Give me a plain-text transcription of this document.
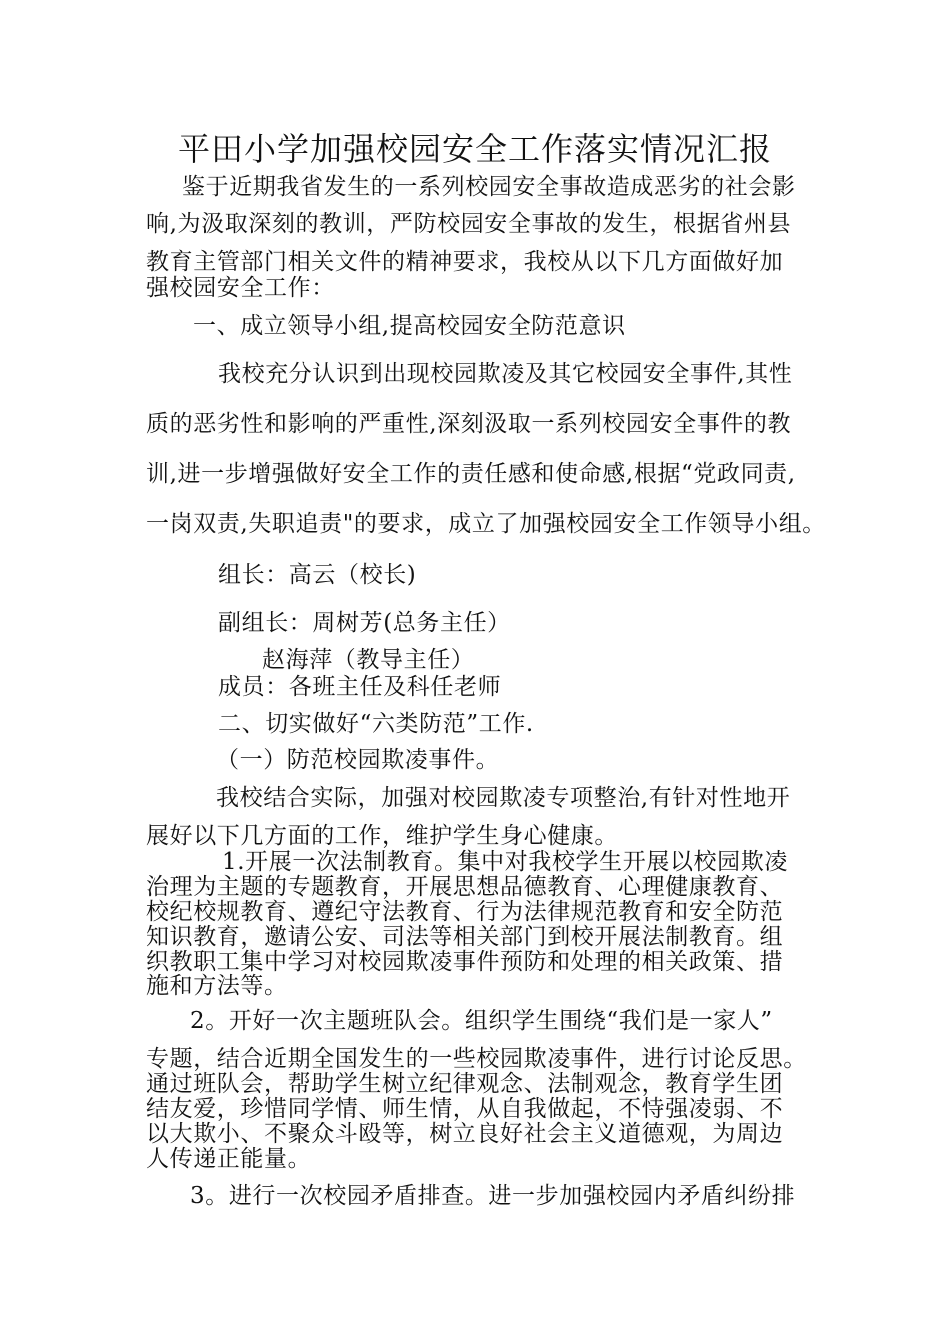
平田小学加强校园安全工作落实情况汇报
鉴于近期我省发生的一系列校园安全事故造成恶劣的社会影
响,为汲取深刻的教训，严防校园安全事故的发生，根据省州县
教育主管部门相关文件的精神要求，我校从以下几方面做好加
强校园安全工作：
一、成立领导小组,提高校园安全防范意识
我校充分认识到出现校园欺凌及其它校园安全事件,其性
质的恶劣性和影响的严重性,深刻汲取一系列校园安全事件的教
训,进一步增强做好安全工作的责任感和使命感,根据“党政同责,
一岗双责,失职追责"的要求，成立了加强校园安全工作领导小组。
组长：高云（校长)
副组长：周树芳(总务主任）
赵海萍（教导主任）
成员：各班主任及科任老师
二、切实做好“六类防范”工作.
（一）防范校园欺凌事件。
我校结合实际，加强对校园欺凌专项整治,有针对性地开
展好以下几方面的工作，维护学生身心健康。
1.开展一次法制教育。集中对我校学生开展以校园欺凌
治理为主题的专题教育，开展思想品德教育、心理健康教育、
校纪校规教育、遵纪守法教育、行为法律规范教育和安全防范
知识教育，邀请公安、司法等相关部门到校开展法制教育。组
织教职工集中学习对校园欺凌事件预防和处理的相关政策、措
施和方法等。
2。开好一次主题班队会。组织学生围绕“我们是一家人”
专题，结合近期全国发生的一些校园欺凌事件，进行讨论反思。
通过班队会，帮助学生树立纪律观念、法制观念，教育学生团
结友爱，珍惜同学情、师生情，从自我做起，不恃强凌弱、不
以大欺小、不聚众斗殴等，树立良好社会主义道德观，为周边
人传递正能量。
3。进行一次校园矛盾排查。进一步加强校园内矛盾纠纷排
